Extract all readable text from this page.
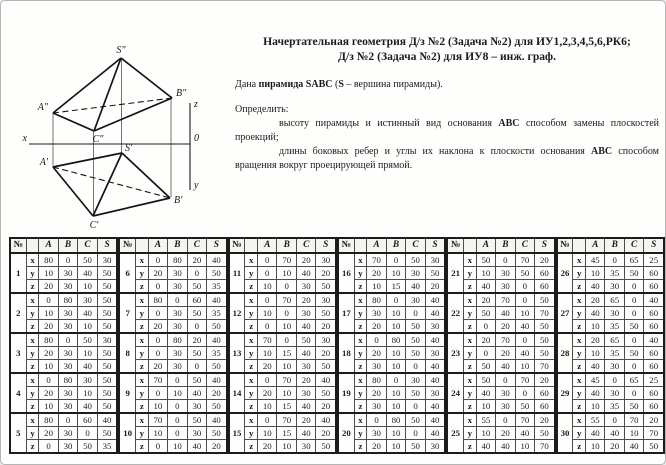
S″
A″
B″
C″
S′
A′
B′
C′
x	0
z
y
Начертательная геометрия Д/з №2 (Задача №2) для ИУ1,2,3,4,5,6,РК6;
Д/з №2 (Задача №2) для ИУ8 – инж. граф.

Дана пирамида SABC (S – вершина пирамиды).

Определить:

высоту пирамиды и истинный вид основания ABC способом замены плоскостей проекций;

длины боковых ребер и углы их наклона к плоскости основания ABC способом вращения вокруг проецирующей прямой.

№		A	B	C	S
1	x	80	0	50	30
	y	10	30	40	50
	z	20	30	10	50
2	x	0	80	30	50
	y	10	30	40	50
	z	20	30	10	50
3	x	80	0	50	30
	y	20	30	10	50
	z	10	30	40	50
4	x	0	80	30	50
	y	20	30	10	50
	z	10	30	40	50
5	x	80	0	60	40
	y	20	30	0	50
	z	0	30	50	35
№		A	B	C	S
6	x	0	80	20	40
	y	20	30	0	50
	z	0	30	50	35
7	x	80	0	60	40
	y	0	30	50	35
	z	20	30	0	50
8	x	0	80	20	40
	y	0	30	50	35
	z	20	30	0	50
9	x	70	0	50	40
	y	0	10	40	20
	z	10	0	30	50
10	x	70	0	50	40
	y	10	0	30	50
	z	0	10	40	20
№		A	B	C	S
11	x	0	70	20	30
	y	0	10	40	20
	z	10	0	30	50
12	x	0	70	20	30
	y	10	0	30	50
	z	0	10	40	20
13	x	70	0	50	30
	y	10	15	40	20
	z	20	10	30	50
14	x	0	70	20	40
	y	20	10	30	50
	z	10	15	40	20
15	x	0	70	20	40
	y	10	15	40	20
	z	20	10	30	50
№		A	B	C	S
16	x	70	0	50	30
	y	20	10	30	50
	z	10	15	40	20
17	x	80	0	30	40
	y	30	10	0	40
	z	20	10	50	30
18	x	0	80	50	40
	y	20	10	50	30
	z	30	10	0	40
19	x	80	0	30	40
	y	20	10	50	30
	z	30	10	0	40
20	x	0	80	50	40
	y	30	10	0	40
	z	20	10	50	30
№		A	B	C	S
21	x	50	0	70	20
	y	10	30	50	60
	z	40	30	0	60
22	x	20	70	0	50
	y	50	40	10	70
	z	0	20	40	50
23	x	20	70	0	50
	y	0	20	40	50
	z	50	40	10	70
24	x	50	0	70	20
	y	40	30	0	60
	z	10	30	50	60
25	x	55	0	70	20
	y	10	20	40	50
	z	40	40	10	70
№		A	B	C	S
26	x	45	0	65	25
	y	10	35	50	60
	z	40	30	0	60
27	x	20	65	0	40
	y	40	30	0	60
	z	10	35	50	60
28	x	20	65	0	40
	y	10	35	50	60
	z	40	30	0	60
29	x	45	0	65	25
	y	40	30	0	60
	z	10	35	50	60
30	x	55	0	70	20
	y	40	40	10	70
	z	10	20	40	50
